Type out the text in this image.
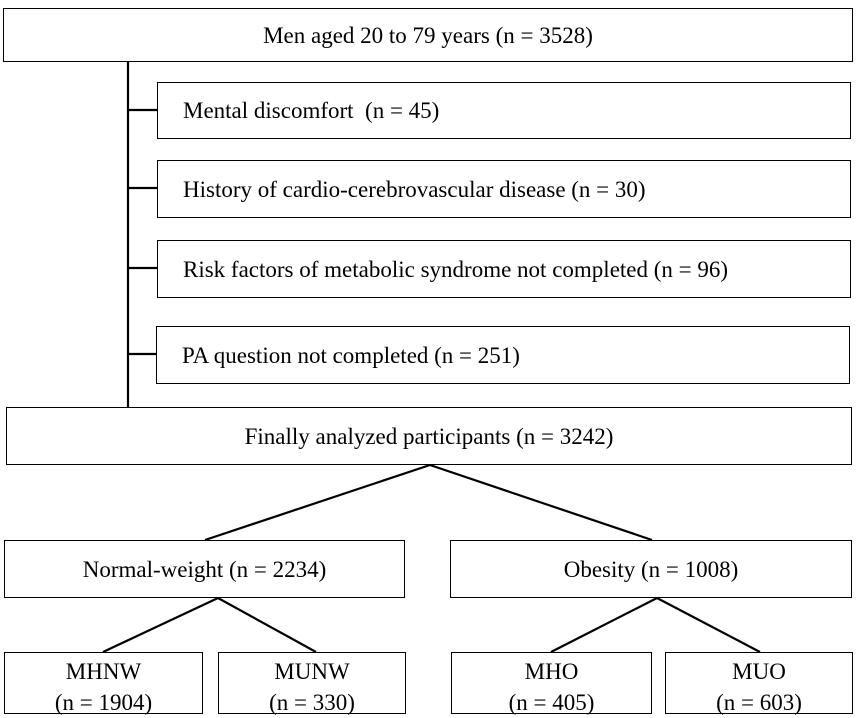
Men aged 20 to 79 years (n = 3528)
Mental discomfort  (n = 45)
History of cardio-cerebrovascular disease (n = 30)
Risk factors of metabolic syndrome not completed (n = 96)
PA question not completed (n = 251)
Finally analyzed participants (n = 3242)
Normal-weight (n = 2234)	Obesity (n = 1008)
MHNW
(n = 1904)
MUNW
(n = 330)
MHO
(n = 405)
MUO
(n = 603)
